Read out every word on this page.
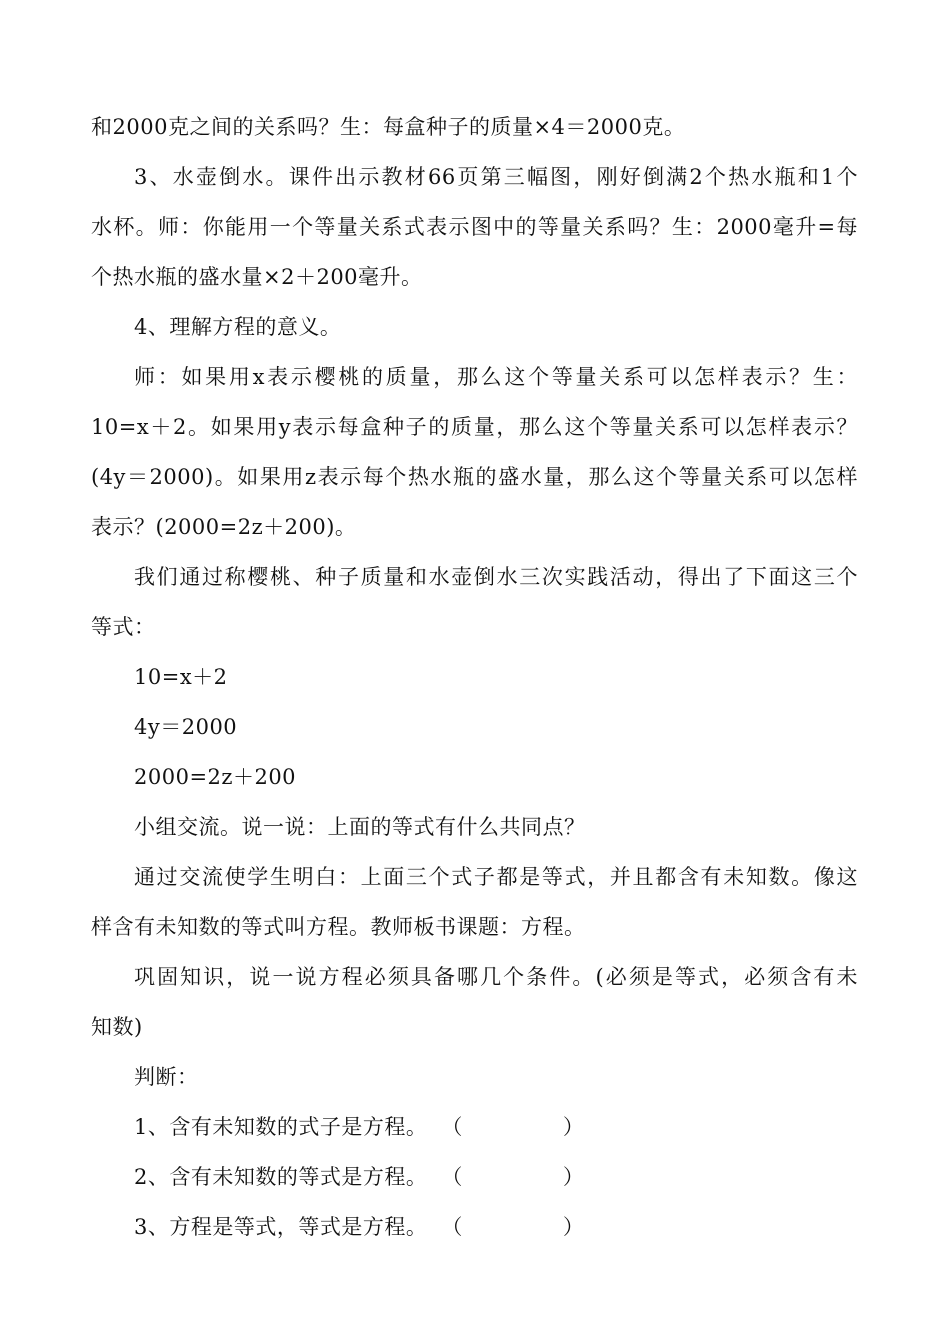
和2000克之间的关系吗？生：每盒种子的质量×4＝2000克。
3、水壶倒水。课件出示教材66页第三幅图，刚好倒满2个热水瓶和1个
水杯。师：你能用一个等量关系式表示图中的等量关系吗？生：2000毫升=每
个热水瓶的盛水量×2＋200毫升。
4、理解方程的意义。
师：如果用x表示樱桃的质量，那么这个等量关系可以怎样表示？生：
10=x＋2。如果用y表示每盒种子的质量，那么这个等量关系可以怎样表示？
(4y＝2000)。如果用z表示每个热水瓶的盛水量，那么这个等量关系可以怎样
表示？(2000=2z＋200)。
我们通过称樱桃、种子质量和水壶倒水三次实践活动，得出了下面这三个
等式：
10=x＋2
4y＝2000
2000=2z＋200
小组交流。说一说：上面的等式有什么共同点？
通过交流使学生明白：上面三个式子都是等式，并且都含有未知数。像这
样含有未知数的等式叫方程。教师板书课题：方程。
巩固知识，说一说方程必须具备哪几个条件。(必须是等式，必须含有未
知数)
判断：
1、含有未知数的式子是方程。 （	）
2、含有未知数的等式是方程。 （	）
3、方程是等式，等式是方程。 （	）
